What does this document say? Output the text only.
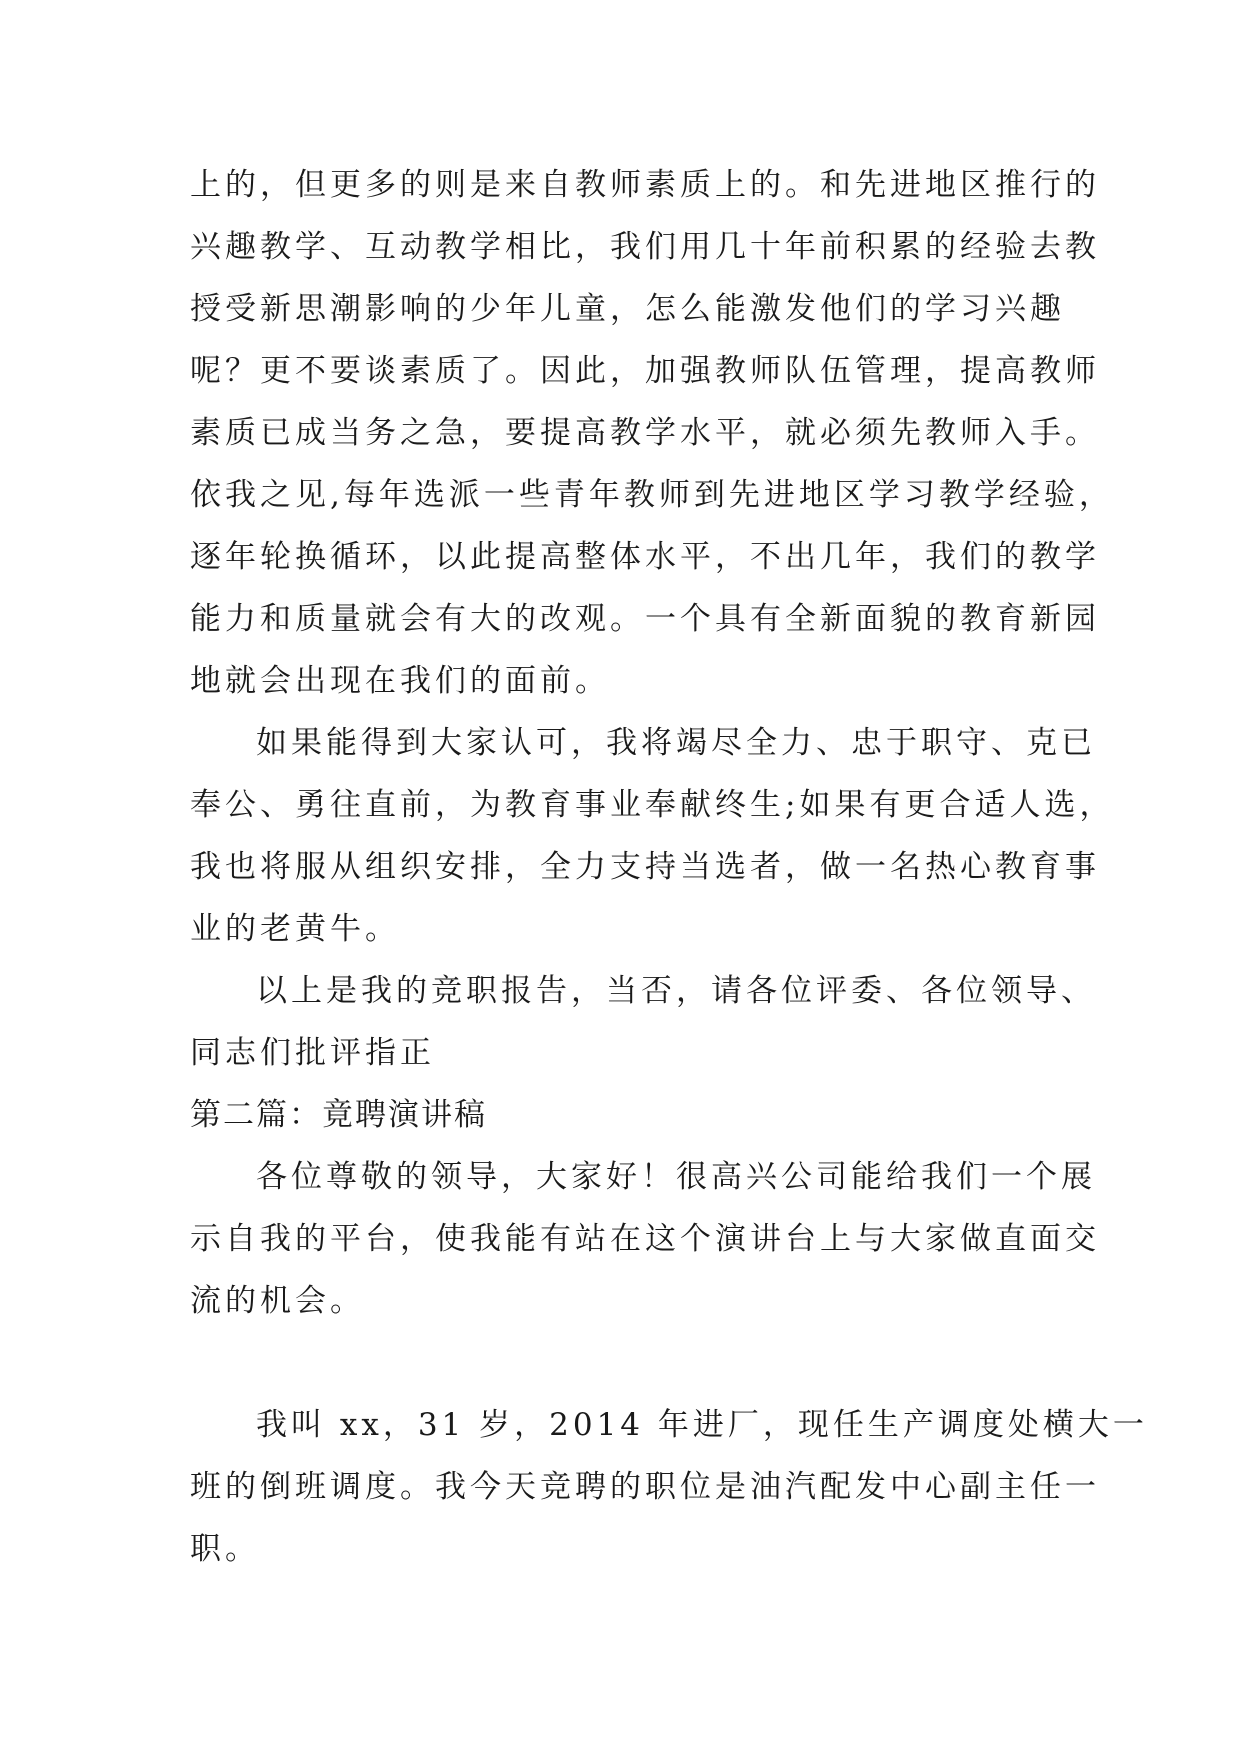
上的，但更多的则是来自教师素质上的。和先进地区推行的

兴趣教学、互动教学相比，我们用几十年前积累的经验去教

授受新思潮影响的少年儿童，怎么能激发他们的学习兴趣

呢？更不要谈素质了。因此，加强教师队伍管理，提高教师

素质已成当务之急，要提高教学水平，就必须先教师入手。

依我之见,每年选派一些青年教师到先进地区学习教学经验，

逐年轮换循环，以此提高整体水平，不出几年，我们的教学

能力和质量就会有大的改观。一个具有全新面貌的教育新园

地就会出现在我们的面前。

如果能得到大家认可，我将竭尽全力、忠于职守、克已

奉公、勇往直前，为教育事业奉献终生;如果有更合适人选，

我也将服从组织安排，全力支持当选者，做一名热心教育事

业的老黄牛。

以上是我的竞职报告，当否，请各位评委、各位领导、

同志们批评指正

第二篇：竟聘演讲稿

各位尊敬的领导，大家好！很高兴公司能给我们一个展

示自我的平台，使我能有站在这个演讲台上与大家做直面交

流的机会。

我叫 xx，31 岁，2014 年进厂，现任生产调度处横大一

班的倒班调度。我今天竞聘的职位是油汽配发中心副主任一

职。
